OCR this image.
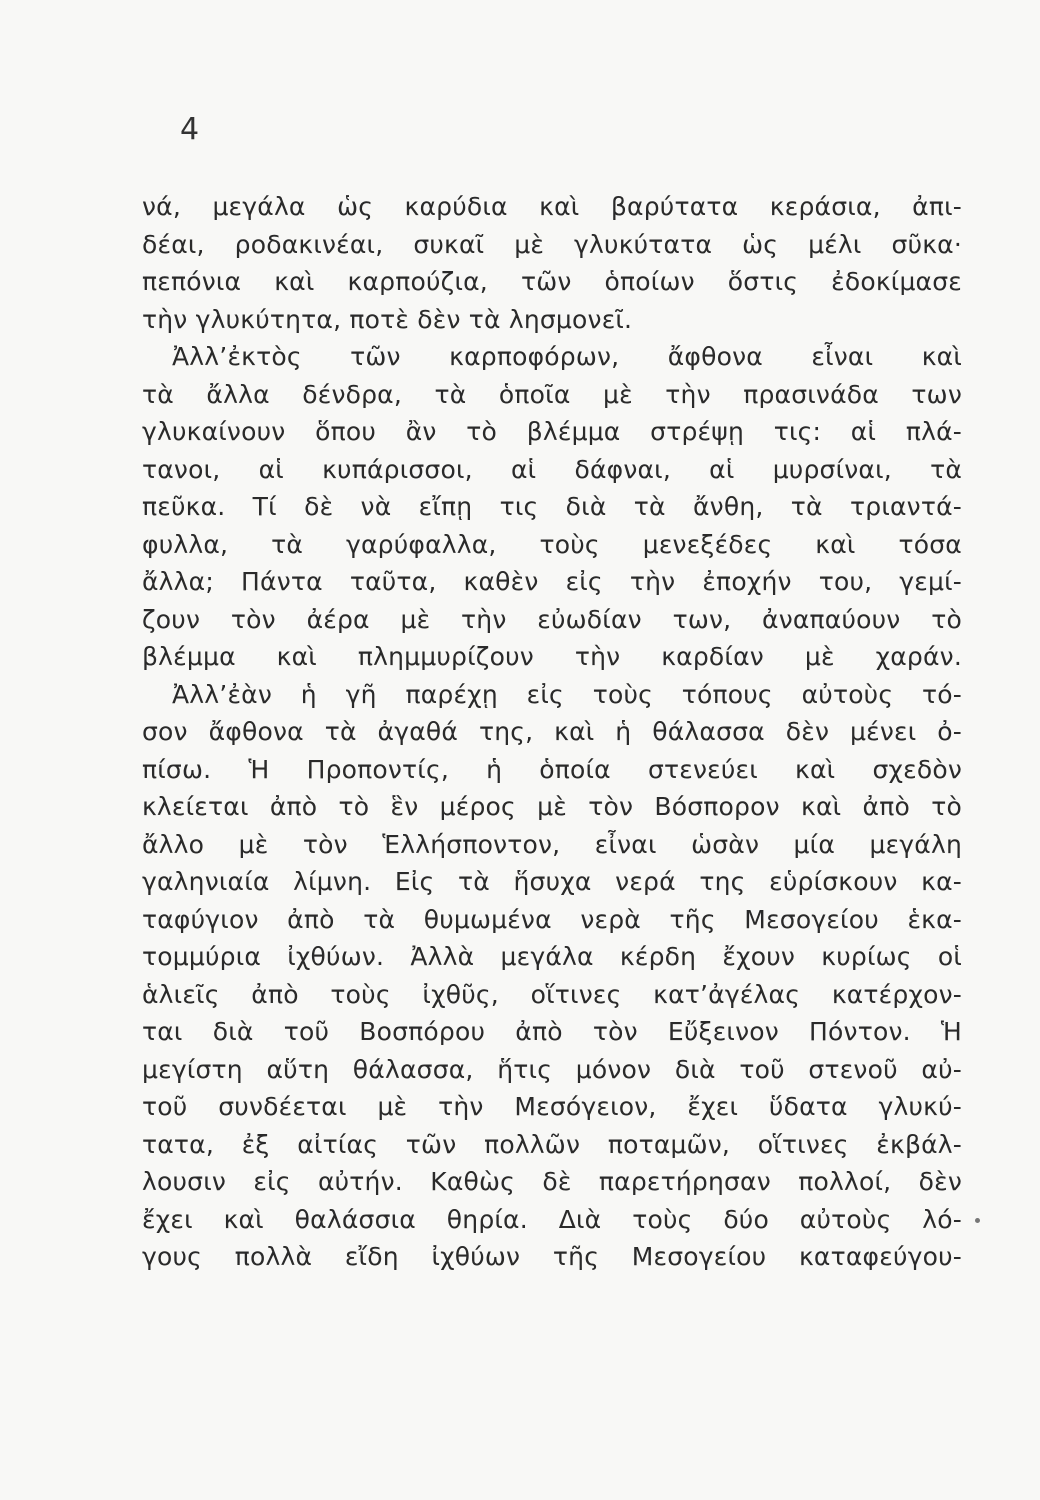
4
νά, μεγάλα ὡς καρύδια καὶ βαρύτατα κεράσια, ἀπι-
δέαι, ροδακινέαι, συκαῖ μὲ γλυκύτατα ὡς μέλι σῦκα·
πεπόνια καὶ καρπούζια, τῶν ὁποίων ὅστις ἐδοκίμασε
τὴν γλυκύτητα, ποτὲ δὲν τὰ λησμονεῖ.
Ἀλλ’ἐκτὸς τῶν καρποφόρων, ἄφθονα εἶναι καὶ
τὰ ἄλλα δένδρα, τὰ ὁποῖα μὲ τὴν πρασινάδα των
γλυκαίνουν ὅπου ἂν τὸ βλέμμα στρέψῃ τις: αἱ πλά-
τανοι, αἱ κυπάρισσοι, αἱ δάφναι, αἱ μυρσίναι, τὰ
πεῦκα. Τί δὲ νὰ εἴπῃ τις διὰ τὰ ἄνθη, τὰ τριαντά-
φυλλα, τὰ γαρύφαλλα, τοὺς μενεξέδες καὶ τόσα
ἄλλα; Πάντα ταῦτα, καθὲν εἰς τὴν ἐποχήν του, γεμί-
ζουν τὸν ἀέρα μὲ τὴν εὐωδίαν των, ἀναπαύουν τὸ
βλέμμα καὶ πλημμυρίζουν τὴν καρδίαν μὲ χαράν.
Ἀλλ’ἐὰν ἡ γῆ παρέχῃ εἰς τοὺς τόπους αὐτοὺς τό-
σον ἄφθονα τὰ ἀγαθά της, καὶ ἡ θάλασσα δὲν μένει ὀ-
πίσω. Ἡ Προποντίς, ἡ ὁποία στενεύει καὶ σχεδὸν
κλείεται ἀπὸ τὸ ἓν μέρος μὲ τὸν Βόσπορον καὶ ἀπὸ τὸ
ἄλλο μὲ τὸν Ἑλλήσποντον, εἶναι ὡσὰν μία μεγάλη
γαληνιαία λίμνη. Εἰς τὰ ἥσυχα νερά της εὑρίσκουν κα-
ταφύγιον ἀπὸ τὰ θυμωμένα νερὰ τῆς Μεσογείου ἑκα-
τομμύρια ἰχθύων. Ἀλλὰ μεγάλα κέρδη ἔχουν κυρίως οἱ
ἁλιεῖς ἀπὸ τοὺς ἰχθῦς, οἵτινες κατ’ἀγέλας κατέρχον-
ται διὰ τοῦ Βοσπόρου ἀπὸ τὸν Εὔξεινον Πόντον. Ἡ
μεγίστη αὕτη θάλασσα, ἥτις μόνον διὰ τοῦ στενοῦ αὐ-
τοῦ συνδέεται μὲ τὴν Μεσόγειον, ἔχει ὕδατα γλυκύ-
τατα, ἐξ αἰτίας τῶν πολλῶν ποταμῶν, οἵτινες ἐκβάλ-
λουσιν εἰς αὐτήν. Καθὼς δὲ παρετήρησαν πολλοί, δὲν
ἔχει καὶ θαλάσσια θηρία. Διὰ τοὺς δύο αὐτοὺς λό-
γους πολλὰ εἴδη ἰχθύων τῆς Μεσογείου καταφεύγου-
